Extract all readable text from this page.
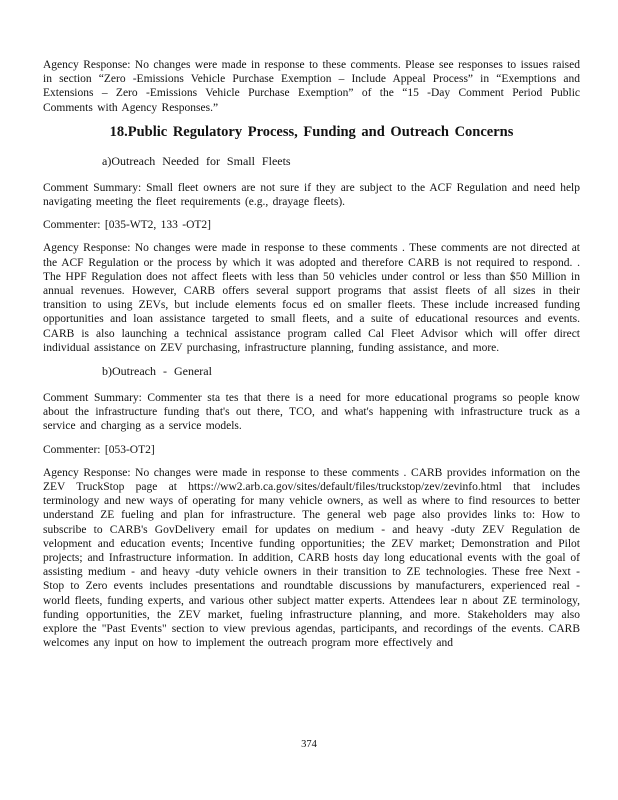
Agency Response: No changes were made in response to these comments. Please see responses to issues raised in section “Zero -Emissions Vehicle Purchase Exemption – Include Appeal Process” in “Exemptions and Extensions – Zero -Emissions Vehicle Purchase Exemption” of the “15 -Day Comment Period Public Comments with Agency Responses.”

18.Public Regulatory Process, Funding and Outreach Concerns
a)Outreach Needed for Small Fleets

Comment Summary: Small fleet owners are not sure if they are subject to the ACF Regulation and need help navigating meeting the fleet requirements (e.g., drayage fleets).

Commenter: [035-WT2, 133 -OT2]

Agency Response: No changes were made in response to these comments . These comments are not directed at the ACF Regulation or the process by which it was adopted and therefore CARB is not required to respond. . The HPF Regulation does not affect fleets with less than 50 vehicles under control or less than $50 Million in annual revenues. However, CARB offers several support programs that assist fleets of all sizes in their transition to using ZEVs, but include elements focus ed on smaller fleets. These include increased funding opportunities and loan assistance targeted to small fleets, and a suite of educational resources and events. CARB is also launching a technical assistance program called Cal Fleet Advisor which will offer direct individual assistance on ZEV purchasing, infrastructure planning, funding assistance, and more.

b)Outreach - General

Comment Summary: Commenter sta tes that there is a need for more educational programs so people know about the infrastructure funding that's out there, TCO, and what's happening with infrastructure truck as a service and charging as a service models.

Commenter: [053-OT2]

Agency Response: No changes were made in response to these comments . CARB provides information on the ZEV TruckStop page at https://ww2.arb.ca.gov/sites/default/files/truckstop/zev/zevinfo.html that includes terminology and new ways of operating for many vehicle owners, as well as where to find resources to better understand ZE fueling and plan for infrastructure. The general web page also provides links to: How to subscribe to CARB's GovDelivery email for updates on medium - and heavy -duty ZEV Regulation de velopment and education events; Incentive funding opportunities; the ZEV market; Demonstration and Pilot projects; and Infrastructure information. In addition, CARB hosts day long educational events with the goal of assisting medium - and heavy -duty vehicle owners in their transition to ZE technologies. These free Next -Stop to Zero events includes presentations and roundtable discussions by manufacturers, experienced real -world fleets, funding experts, and various other subject matter experts. Attendees lear n about ZE terminology, funding opportunities, the ZEV market, fueling infrastructure planning, and more. Stakeholders may also explore the "Past Events" section to view previous agendas, participants, and recordings of the events. CARB welcomes any input on how to implement the outreach program more effectively and

374
